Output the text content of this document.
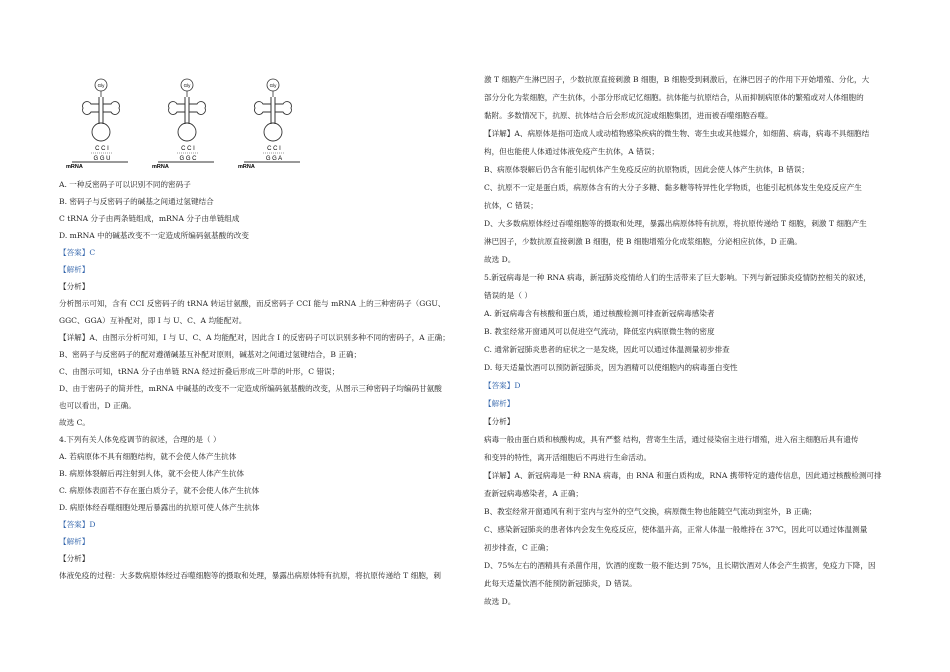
Gly
C C I
G G U
mRNA
Gly
C C I
G G C
mRNA
Gly
C C I
G G A
mRNA
A. 一种反密码子可以识别不同的密码子
B. 密码子与反密码子的碱基之间通过氢键结合
C tRNA 分子由两条链组成，mRNA 分子由单链组成
D. mRNA 中的碱基改变不一定造成所编码氨基酸的改变
【答案】C
【解析】
【分析】
分析图示可知，含有 CCI 反密码子的 tRNA 转运甘氨酸，而反密码子 CCI 能与 mRNA 上的三种密码子（GGU、
GGC、GGA）互补配对，即 I 与 U、C、A 均能配对。
【详解】A、由图示分析可知，I 与 U、C、A 均能配对，因此含 I 的反密码子可以识别多种不同的密码子，A 正确；
B、密码子与反密码子的配对遵循碱基互补配对原则，碱基对之间通过氢键结合，B 正确；
C、由图示可知，tRNA 分子由单链 RNA 经过折叠后形成三叶草的叶形，C 错误；
D、由于密码子的简并性，mRNA 中碱基的改变不一定造成所编码氨基酸的改变，从图示三种密码子均编码甘氨酸
也可以看出，D 正确。
故选 C。
4.下列有关人体免疫调节的叙述，合理的是（ ）
A. 若病原体不具有细胞结构，就不会使人体产生抗体
B. 病原体裂解后再注射到人体，就不会使人体产生抗体
C. 病原体表面若不存在蛋白质分子，就不会使人体产生抗体
D. 病原体经吞噬细胞处理后暴露出的抗原可使人体产生抗体
【答案】D
【解析】
【分析】
体液免疫的过程：大多数病原体经过吞噬细胞等的摄取和处理，暴露出病原体特有抗原，将抗原传递给 T 细胞，刺
激 T 细胞产生淋巴因子，少数抗原直接刺激 B 细胞，B 细胞受到刺激后，在淋巴因子的作用下开始增殖、分化，大
部分分化为浆细胞，产生抗体，小部分形成记忆细胞。抗体能与抗原结合，从而抑制病原体的繁殖或对人体细胞的
黏附。多数情况下，抗原、抗体结合后会形成沉淀或细胞集团，进而被吞噬细胞吞噬。
【详解】A、病原体是指可造成人或动植物感染疾病的微生物、寄生虫或其他媒介，如细菌、病毒，病毒不具细胞结
构，但也能使人体通过体液免疫产生抗体，A 错误；
B、病原体裂解后仍含有能引起机体产生免疫反应的抗原物质，因此会使人体产生抗体，B 错误；
C、抗原不一定是蛋白质，病原体含有的大分子多糖、黏多糖等特异性化学物质，也能引起机体发生免疫反应产生
抗体，C 错误；
D、大多数病原体经过吞噬细胞等的摄取和处理，暴露出病原体特有抗原，将抗原传递给 T 细胞，刺激 T 细胞产生
淋巴因子，少数抗原直接刺激 B 细胞，使 B 细胞增殖分化成浆细胞，分泌相应抗体，D 正确。
故选 D。
5.新冠病毒是一种 RNA 病毒，新冠肺炎疫情给人们的生活带来了巨大影响。下列与新冠肺炎疫情防控相关的叙述，
错误的是（ ）
A. 新冠病毒含有核酸和蛋白质，通过核酸检测可排查新冠病毒感染者
B. 教室经常开窗通风可以促进空气流动，降低室内病原微生物的密度
C. 通常新冠肺炎患者的症状之一是发烧，因此可以通过体温测量初步排查
D. 每天适量饮酒可以预防新冠肺炎，因为酒精可以使细胞内的病毒蛋白变性
【答案】D
【解析】
【分析】
病毒一般由蛋白质和核酸构成，具有严整 结构，营寄生生活，通过侵染宿主进行增殖，进入宿主细胞后具有遗传
和变异的特性，离开活细胞后不再进行生命活动。
【详解】A、新冠病毒是一种 RNA 病毒，由 RNA 和蛋白质构成，RNA 携带特定的遗传信息，因此通过核酸检测可排
查新冠病毒感染者，A 正确；
B、教室经常开窗通风有利于室内与室外的空气交换，病原微生物也能随空气流动到室外，B 正确；
C、感染新冠肺炎的患者体内会发生免疫反应，使体温升高，正常人体温一般维持在 37℃，因此可以通过体温测量
初步排查，C 正确；
D、75%左右的酒精具有杀菌作用，饮酒的度数一般不能达到 75%，且长期饮酒对人体会产生损害，免疫力下降，因
此每天适量饮酒不能预防新冠肺炎，D 错误。
故选 D。
